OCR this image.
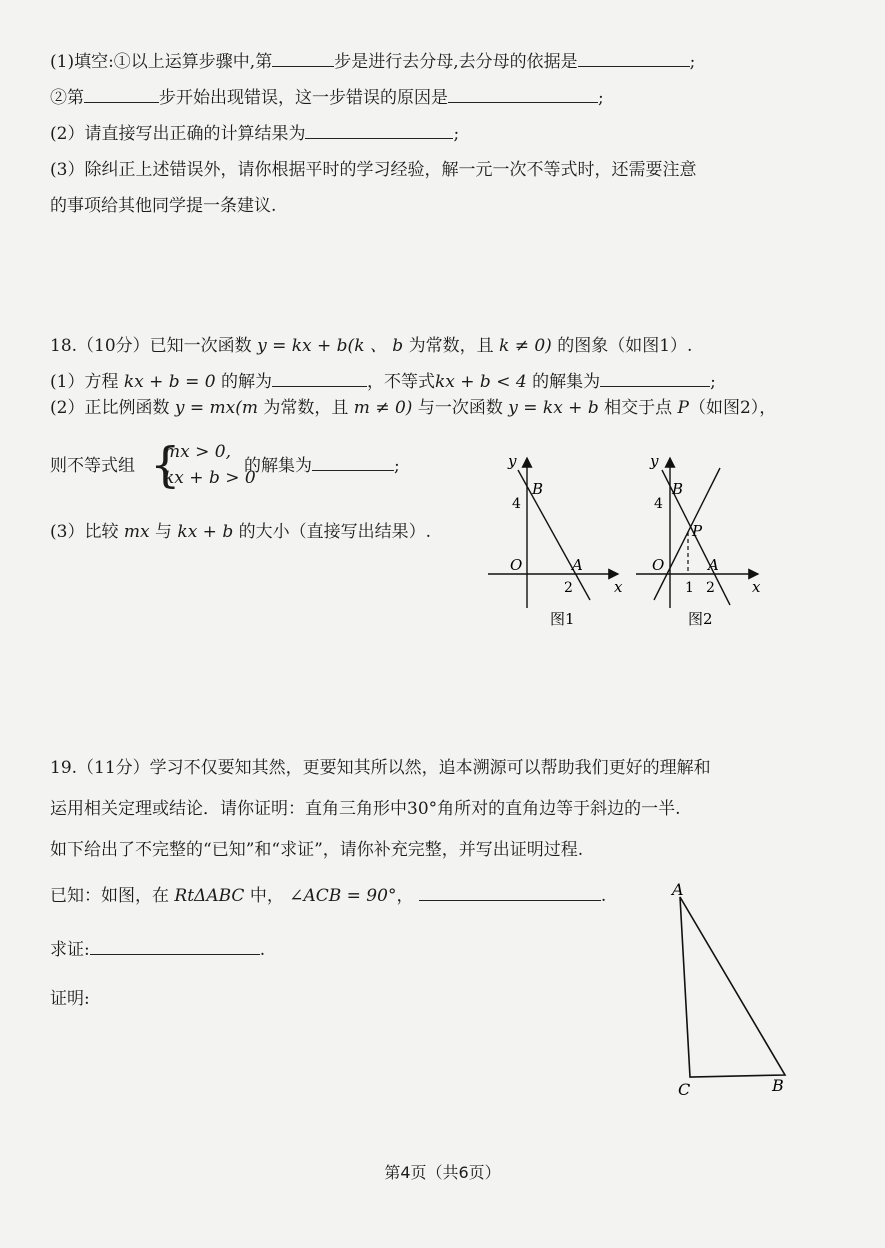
(1)填空:①以上运算步骤中,第	步是进行去分母,去分母的依据是	;
②第	步开始出现错误，这一步错误的原因是	;
(2）请直接写出正确的计算结果为	;
(3）除纠正上述错误外，请你根据平时的学习经验，解一元一次不等式时，还需要注意
的事项给其他同学提一条建议.
18.（10分）已知一次函数 y = kx + b(k 、 b 为常数，且 k ≠ 0) 的图象（如图1）.
(1）方程 kx + b = 0 的解为	，不等式kx + b < 4 的解集为	;
(2）正比例函数 y = mx(m 为常数，且 m ≠ 0) 与一次函数 y = kx + b 相交于点 P（如图2），
则不等式组 {
mx > 0,
kx + b > 0
的解集为	;
(3）比较 mx 与 kx + b 的大小（直接写出结果）.
y
x
O
B
4
A
2
图1
y
x
O
B
4
P
1
A
2
图2
19.（11分）学习不仅要知其然，更要知其所以然，追本溯源可以帮助我们更好的理解和
运用相关定理或结论．请你证明：直角三角形中30°角所对的直角边等于斜边的一半.
如下给出了不完整的“已知”和“求证”，请你补充完整，并写出证明过程.
已知：如图，在 RtΔABC 中， ∠ACB = 90°，	.
求证:	.
证明:
A
C	B
第4页（共6页）
